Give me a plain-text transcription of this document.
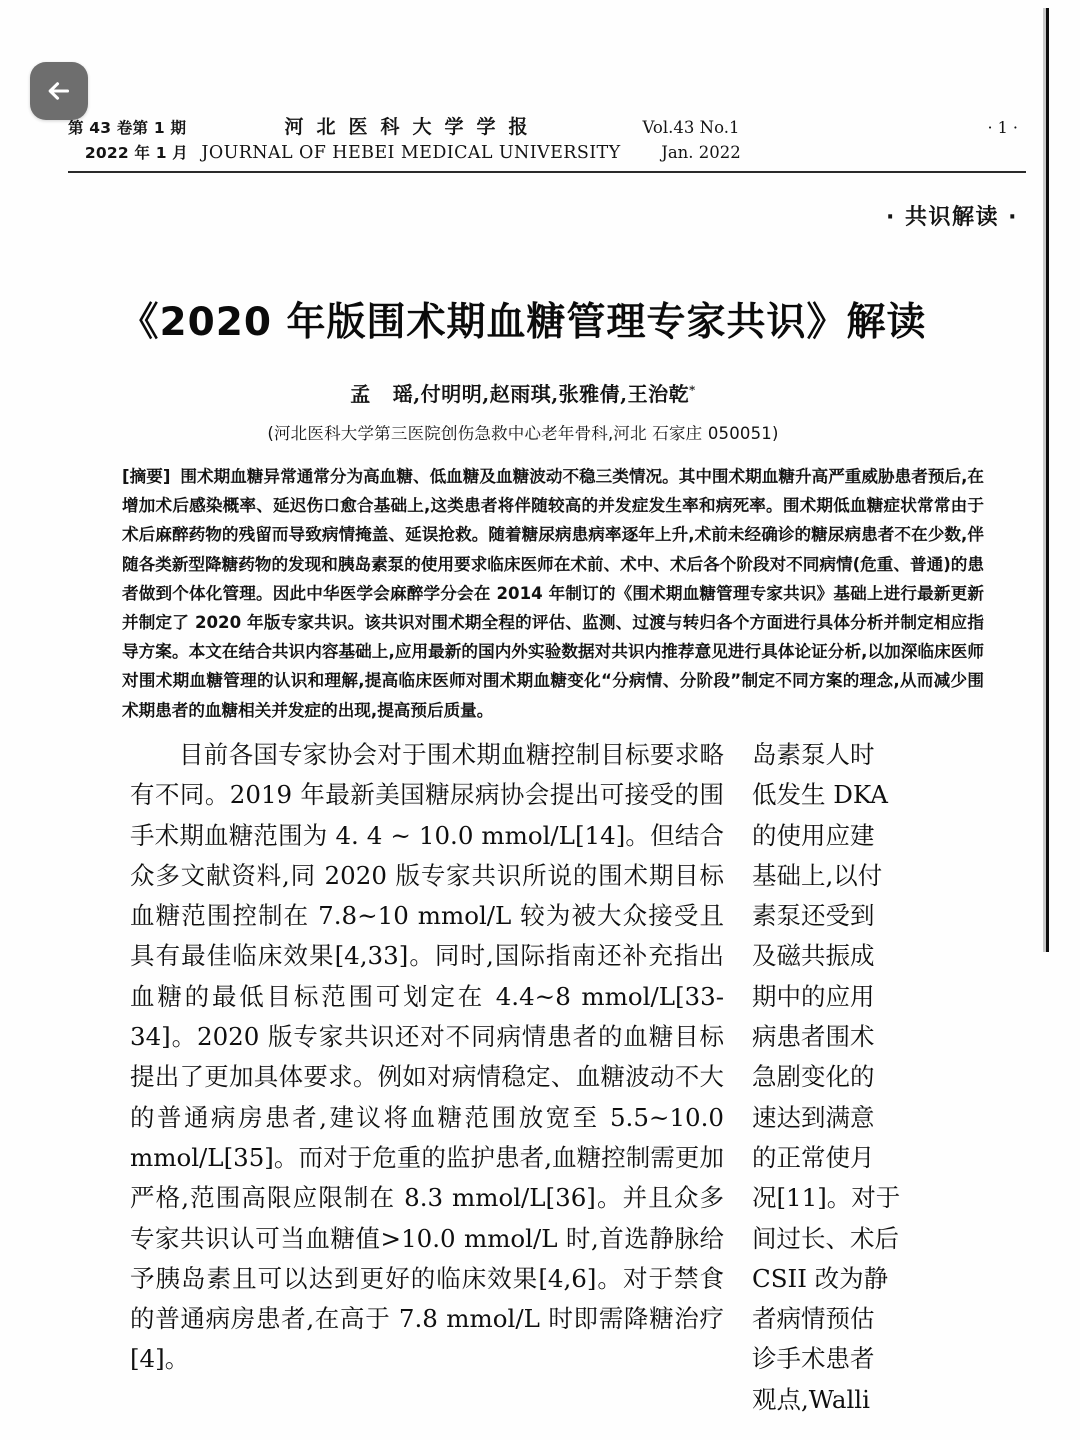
第 43 卷第 1 期	河北医科大学学报	Vol.43 No.1	· 1 ·
2022 年 1 月 JOURNAL OF HEBEI MEDICAL UNIVERSITY	Jan. 2022
· 共识解读 ·
《2020 年版围术期血糖管理专家共识》解读
孟 瑶,付明明,赵雨琪,张雅倩,王治乾*
(河北医科大学第三医院创伤急救中心老年骨科,河北 石家庄 050051)
[摘要] 围术期血糖异常通常分为高血糖、低血糖及血糖波动不稳三类情况。其中围术期血糖升高严重威胁患者预后,在增加术后感染概率、延迟伤口愈合基础上,这类患者将伴随较高的并发症发生率和病死率。围术期低血糖症状常常由于术后麻醉药物的残留而导致病情掩盖、延误抢救。随着糖尿病患病率逐年上升,术前未经确诊的糖尿病患者不在少数,伴随各类新型降糖药物的发现和胰岛素泵的使用要求临床医师在术前、术中、术后各个阶段对不同病情(危重、普通)的患者做到个体化管理。因此中华医学会麻醉学分会在 2014 年制订的《围术期血糖管理专家共识》基础上进行最新更新并制定了 2020 年版专家共识。该共识对围术期全程的评估、监测、过渡与转归各个方面进行具体分析并制定相应指导方案。本文在结合共识内容基础上,应用最新的国内外实验数据对共识内推荐意见进行具体论证分析,以加深临床医师对围术期血糖管理的认识和理解,提高临床医师对围术期血糖变化“分病情、分阶段”制定不同方案的理念,从而减少围术期患者的血糖相关并发症的出现,提高预后质量。

目前各国专家协会对于围术期血糖控制目标要求略有不同。2019 年最新美国糖尿病协会提出可接受的围手术期血糖范围为 4. 4 ~ 10.0 mmol/L[14]。但结合众多文献资料,同 2020 版专家共识所说的围术期目标血糖范围控制在 7.8~10 mmol/L 较为被大众接受且具有最佳临床效果[4,33]。同时,国际指南还补充指出血糖的最低目标范围可划定在 4.4~8 mmol/L[33-34]。2020 版专家共识还对不同病情患者的血糖目标提出了更加具体要求。例如对病情稳定、血糖波动不大的普通病房患者,建议将血糖范围放宽至 5.5~10.0 mmol/L[35]。而对于危重的监护患者,血糖控制需更加严格,范围高限应限制在 8.3 mmol/L[36]。并且众多专家共识认可当血糖值>10.0 mmol/L 时,首选静脉给予胰岛素且可以达到更好的临床效果[4,6]。对于禁食的普通病房患者,在高于 7.8 mmol/L 时即需降糖治疗[4]。

岛素泵人时
低发生 DKA
的使用应建
基础上,以付
素泵还受到
及磁共振成
期中的应用
病患者围术
急剧变化的
速达到满意
的正常使月
况[11]。对于
间过长、术后
CSII 改为静
者病情预估
诊手术患者
观点,Walli
